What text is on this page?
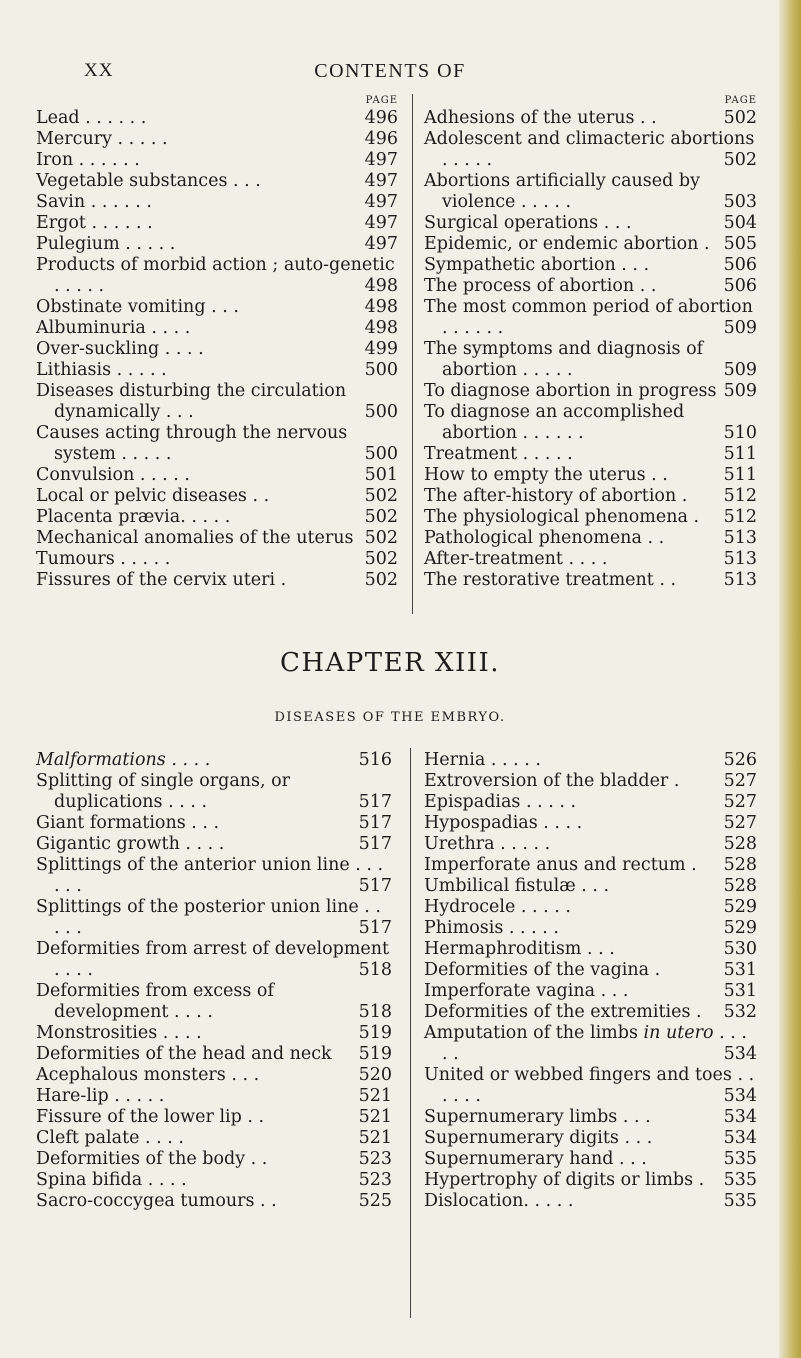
XX	CONTENTS OF
PAGE
Lead . . . . . .	496
Mercury . . . . .	496
Iron . . . . . .	497
Vegetable substances . . .	497
Savin . . . . . .	497
Ergot . . . . . .	497
Pulegium . . . . .	497
Products of morbid action ; auto-genetic . . . . .	498
Obstinate vomiting . . .	498
Albuminuria . . . .	498
Over-suckling . . . .	499
Lithiasis . . . . .	500
Diseases disturbing the circulation dynamically . . .	500
Causes acting through the nervous system . . . . .	500
Convulsion . . . . .	501
Local or pelvic diseases . .	502
Placenta prævia. . . . .	502
Mechanical anomalies of the uterus 502
Tumours . . . . .	502
Fissures of the cervix uteri .	502
PAGE
Adhesions of the uterus . .	502
Adolescent and climacteric abortions . . . . .	502
Abortions artificially caused by violence . . . . .	503
Surgical operations . . .	504
Epidemic, or endemic abortion . 505
Sympathetic abortion . . .	506
The process of abortion . .	506
The most common period of abortion . . . . . .	509
The symptoms and diagnosis of abortion . . . . .	509
To diagnose abortion in progress 509
To diagnose an accomplished abortion . . . . . .	510
Treatment . . . . .	511
How to empty the uterus . .	511
The after-history of abortion . 512
The physiological phenomena . 512
Pathological phenomena . .	513
After-treatment . . . .	513
The restorative treatment . .	513
CHAPTER XIII.
DISEASES OF THE EMBRYO.
Malformations . . . .	516
Splitting of single organs, or duplications . . . .	517
Giant formations . . .	517
Gigantic growth . . . .	517
Splittings of the anterior union line . . . . . .	517
Splittings of the posterior union line . . . . .	517
Deformities from arrest of development . . . .	518
Deformities from excess of development . . . .	518
Monstrosities . . . .	519
Deformities of the head and neck 519
Acephalous monsters . . .	520
Hare-lip . . . . .	521
Fissure of the lower lip . .	521
Cleft palate . . . .	521
Deformities of the body . .	523
Spina bifida . . . .	523
Sacro-coccygea tumours . .	525
Hernia . . . . .	526
Extroversion of the bladder .	527
Epispadias . . . . .	527
Hypospadias . . . .	527
Urethra . . . . .	528
Imperforate anus and rectum . 528
Umbilical fistulæ . . .	528
Hydrocele . . . . .	529
Phimosis . . . . .	529
Hermaphroditism . . .	530
Deformities of the vagina .	531
Imperforate vagina . . .	531
Deformities of the extremities . 532
Amputation of the limbs in utero . . . . .	534
United or webbed fingers and toes . . . . . .	534
Supernumerary limbs . . .	534
Supernumerary digits . . .	534
Supernumerary hand . . .	535
Hypertrophy of digits or limbs . 535
Dislocation. . . . .	535
